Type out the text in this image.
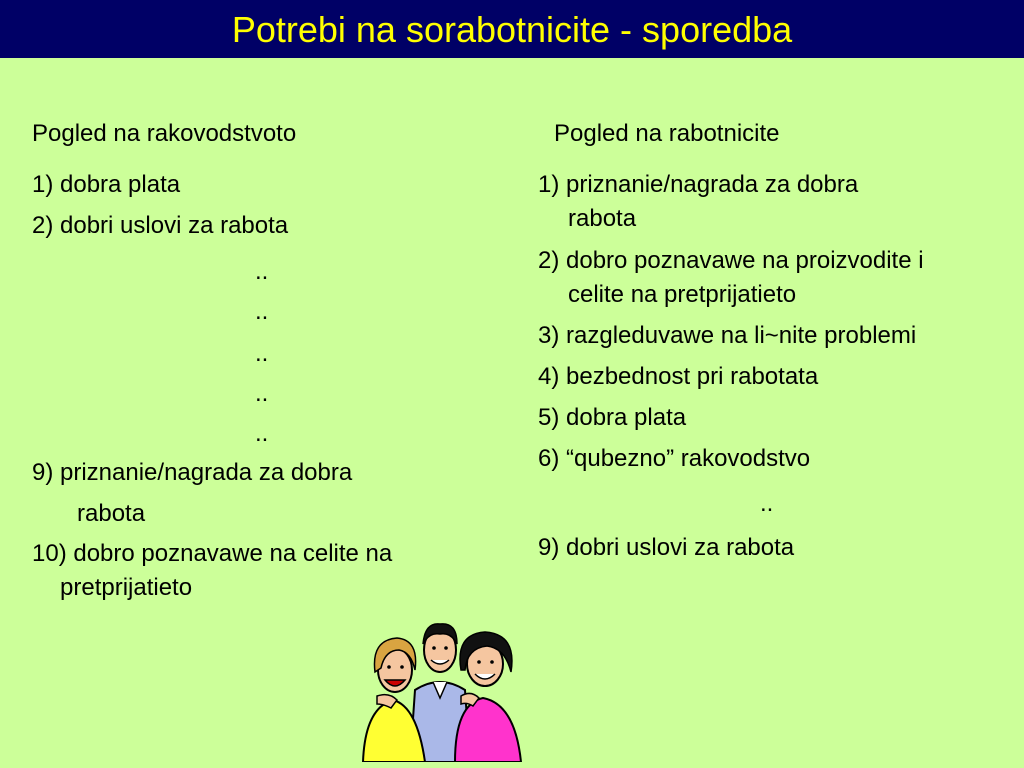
Potrebi na sorabotnicite - sporedba
Pogled na rakovodstvoto
1) dobra plata
2) dobri uslovi za rabota
..
..
..
..
..
9) priznanie/nagrada za dobra
rabota
10) dobro poznavawe na celite na
pretprijatieto
Pogled na rabotnicite
1) priznanie/nagrada za dobra
rabota
2) dobro poznavawe na proizvodite i
celite na pretprijatieto
3) razgleduvawe na li~nite problemi
4) bezbednost pri rabotata
5) dobra plata
6) “qubezno” rakovodstvo
..
9) dobri uslovi za rabota
